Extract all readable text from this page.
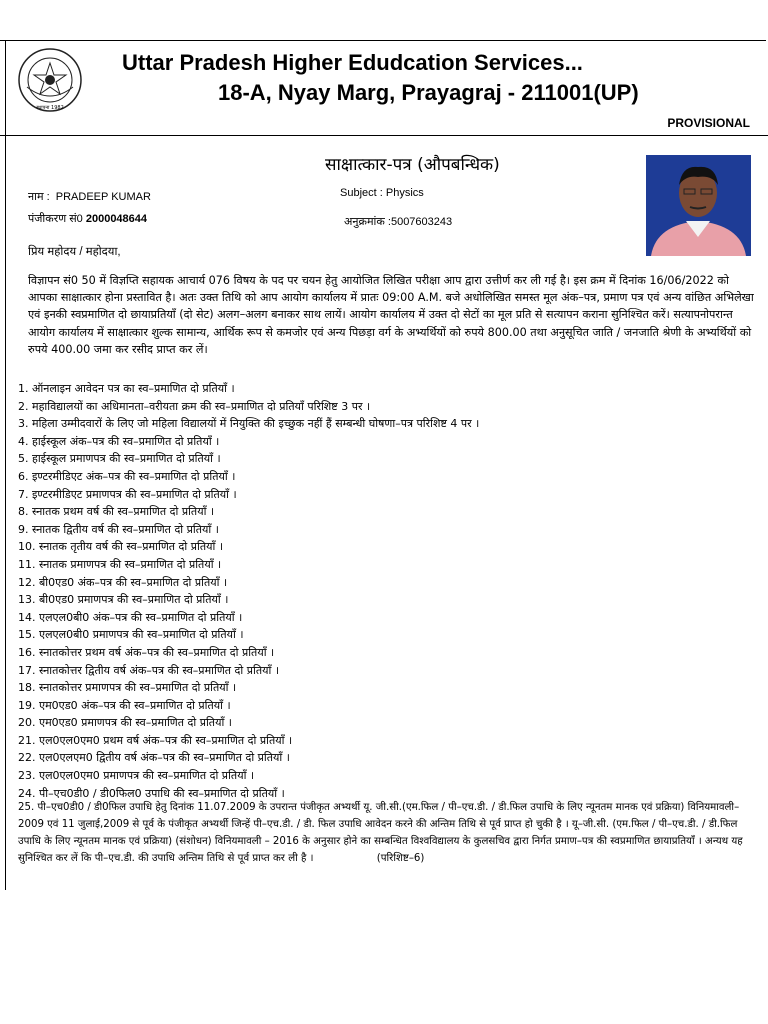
स्थापना 1982
Uttar Pradesh Higher Edudcation Services...
18-A, Nyay Marg, Prayagraj - 211001(UP)
PROVISIONAL
साक्षात्कार-पत्र (औपबन्धिक)
नाम : PRADEEP KUMAR
पंजीकरण सं0 2000048644
Subject : Physics
अनुक्रमांक :5007603243
प्रिय महोदय / महोदया,
विज्ञापन सं0 50 में विज्ञप्ति सहायक आचार्य 076 विषय के पद पर चयन हेतु आयोजित लिखित परीक्षा आप द्वारा उत्तीर्ण कर ली गई है। इस क्रम में दिनांक 16/06/2022 को आपका साक्षात्कार होना प्रस्तावित है। अतः उक्त तिथि को आप आयोग कार्यालय में प्रातः 09:00 A.M. बजे अधोलिखित समस्त मूल अंक–पत्र, प्रमाण पत्र एवं अन्य वांछित अभिलेखा एवं इनकी स्वप्रमाणित दो छायाप्रतियाँ (दो सेट) अलग–अलग बनाकर साथ लायें। आयोग कार्यालय में उक्त दो सेटों का मूल प्रति से सत्यापन कराना सुनिश्चित करें। सत्यापनोपरान्त आयोग कार्यालय में साक्षात्कार शुल्क सामान्य, आर्थिक रूप से कमजोर एवं अन्य पिछड़ा वर्ग के अभ्यर्थियों को रुपये 800.00 तथा अनुसूचित जाति / जनजाति श्रेणी के अभ्यर्थियों को रुपये 400.00 जमा कर रसीद प्राप्त कर लें।
1. ऑनलाइन आवेदन पत्र का स्व–प्रमाणित दो प्रतियाँ ।
2. महाविद्यालयों का अधिमानता–वरीयता क्रम की स्व–प्रमाणित दो प्रतियाँ परिशिष्ट 3 पर ।
3. महिला उम्मीदवारों के लिए जो महिला विद्यालयों में नियुक्ति की इच्छुक नहीं हैं सम्बन्धी घोषणा–पत्र परिशिष्ट 4 पर ।
4. हाईस्कूल अंक–पत्र की स्व–प्रमाणित दो प्रतियाँ ।
5. हाईस्कूल प्रमाणपत्र की स्व–प्रमाणित दो प्रतियाँ ।
6. इण्टरमीडिएट अंक–पत्र की स्व–प्रमाणित दो प्रतियाँ ।
7. इण्टरमीडिएट प्रमाणपत्र की स्व–प्रमाणित दो प्रतियाँ ।
8. स्नातक प्रथम वर्ष की स्व–प्रमाणित दो प्रतियाँ ।
9. स्नातक द्वितीय वर्ष की स्व–प्रमाणित दो प्रतियाँ ।
10. स्नातक तृतीय वर्ष की स्व–प्रमाणित दो प्रतियाँ ।
11. स्नातक प्रमाणपत्र की स्व–प्रमाणित दो प्रतियाँ ।
12. बी0एड0 अंक–पत्र की स्व–प्रमाणित दो प्रतियाँ ।
13. बी0एड0 प्रमाणपत्र की स्व–प्रमाणित दो प्रतियाँ ।
14. एलएल0बी0 अंक–पत्र की स्व–प्रमाणित दो प्रतियाँ ।
15. एलएल0बी0 प्रमाणपत्र की स्व–प्रमाणित दो प्रतियाँ ।
16. स्नातकोत्तर प्रथम वर्ष अंक–पत्र की स्व–प्रमाणित दो प्रतियाँ ।
17. स्नातकोत्तर द्वितीय वर्ष अंक–पत्र की स्व–प्रमाणित दो प्रतियाँ ।
18. स्नातकोत्तर प्रमाणपत्र की स्व–प्रमाणित दो प्रतियाँ ।
19. एम0एड0 अंक–पत्र की स्व–प्रमाणित दो प्रतियाँ ।
20. एम0एड0 प्रमाणपत्र की स्व–प्रमाणित दो प्रतियाँ ।
21. एल0एल0एम0 प्रथम वर्ष अंक–पत्र की स्व–प्रमाणित दो प्रतियाँ ।
22. एल0एलएम0 द्वितीय वर्ष अंक–पत्र की स्व–प्रमाणित दो प्रतियाँ ।
23. एल0एल0एम0 प्रमाणपत्र की स्व–प्रमाणित दो प्रतियाँ ।
24. पी–एच0डी0 / डी0फिल0 उपाधि की स्व–प्रमाणित दो प्रतियाँ ।
25. पी–एच0डी0 / डी0फिल उपाधि हेतु दिनांक 11.07.2009 के उपरान्त पंजीकृत अभ्यर्थी यू. जी.सी.(एम.फिल / पी–एच.डी. / डी.फिल उपाधि के लिए न्यूनतम मानक एवं प्रक्रिया) विनियमावली–2009 एवं 11 जुलाई,2009 से पूर्व के पंजीकृत अभ्यर्थी जिन्हें पी–एच.डी. / डी. फिल उपाधि आवेदन करने की अन्तिम तिथि से पूर्व प्राप्त हो चुकी है । यू–जी.सी. (एम.फिल / पी–एच.डी. / डी.फिल उपाधि के लिए न्यूनतम मानक एवं प्रक्रिया) (संशोधन) विनियमावली – 2016 के अनुसार होने का सम्बन्धित विश्वविद्यालय के कुलसचिव द्वारा निर्गत प्रमाण–पत्र की स्वप्रमाणित छायाप्रतियाँ । अन्यथ यह सुनिश्चित कर लें कि पी–एच.डी. की उपाधि अन्तिम तिथि से पूर्व प्राप्त कर ली है ।	(परिशिष्ट–6)
